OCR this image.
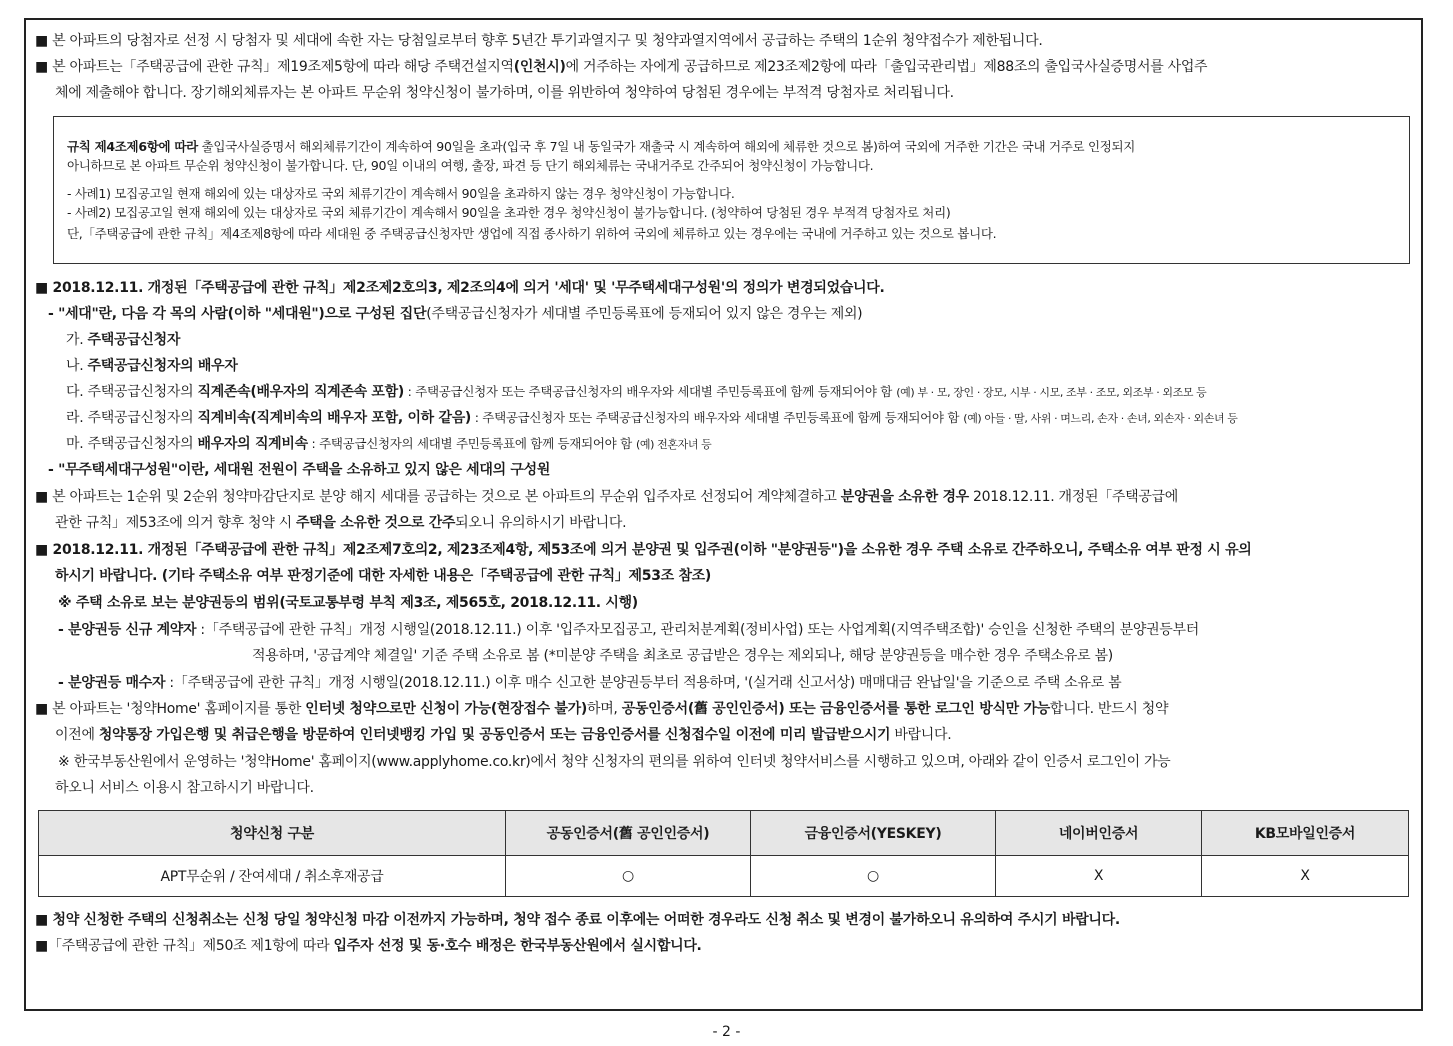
■ 본 아파트의 당첨자로 선정 시 당첨자 및 세대에 속한 자는 당첨일로부터 향후 5년간 투기과열지구 및 청약과열지역에서 공급하는 주택의 1순위 청약접수가 제한됩니다.
■ 본 아파트는「주택공급에 관한 규칙」제19조제5항에 따라 해당 주택건설지역(인천시)에 거주하는 자에게 공급하므로 제23조제2항에 따라「출입국관리법」제88조의 출입국사실증명서를 사업주
체에 제출해야 합니다. 장기해외체류자는 본 아파트 무순위 청약신청이 불가하며, 이를 위반하여 청약하여 당첨된 경우에는 부적격 당첨자로 처리됩니다.
규칙 제4조제6항에 따라 출입국사실증명서 해외체류기간이 계속하여 90일을 초과(입국 후 7일 내 동일국가 재출국 시 계속하여 해외에 체류한 것으로 봄)하여 국외에 거주한 기간은 국내 거주로 인정되지
아니하므로 본 아파트 무순위 청약신청이 불가합니다. 단, 90일 이내의 여행, 출장, 파견 등 단기 해외체류는 국내거주로 간주되어 청약신청이 가능합니다.
- 사례1) 모집공고일 현재 해외에 있는 대상자로 국외 체류기간이 계속해서 90일을 초과하지 않는 경우 청약신청이 가능합니다.
- 사례2) 모집공고일 현재 해외에 있는 대상자로 국외 체류기간이 계속해서 90일을 초과한 경우 청약신청이 불가능합니다. (청약하여 당첨된 경우 부적격 당첨자로 처리)
단,「주택공급에 관한 규칙」제4조제8항에 따라 세대원 중 주택공급신청자만 생업에 직접 종사하기 위하여 국외에 체류하고 있는 경우에는 국내에 거주하고 있는 것으로 봅니다.
■ 2018.12.11. 개정된「주택공급에 관한 규칙」제2조제2호의3, 제2조의4에 의거 '세대' 및 '무주택세대구성원'의 정의가 변경되었습니다.
- "세대"란, 다음 각 목의 사람(이하 "세대원")으로 구성된 집단(주택공급신청자가 세대별 주민등록표에 등재되어 있지 않은 경우는 제외)
가. 주택공급신청자
나. 주택공급신청자의 배우자
다. 주택공급신청자의 직계존속(배우자의 직계존속 포함) : 주택공급신청자 또는 주택공급신청자의 배우자와 세대별 주민등록표에 함께 등재되어야 함 (예) 부 · 모, 장인 · 장모, 시부 · 시모, 조부 · 조모, 외조부 · 외조모 등
라. 주택공급신청자의 직계비속(직계비속의 배우자 포함, 이하 같음) : 주택공급신청자 또는 주택공급신청자의 배우자와 세대별 주민등록표에 함께 등재되어야 함 (예) 아들 · 딸, 사위 · 며느리, 손자 · 손녀, 외손자 · 외손녀 등
마. 주택공급신청자의 배우자의 직계비속 : 주택공급신청자의 세대별 주민등록표에 함께 등재되어야 함 (예) 전혼자녀 등
- "무주택세대구성원"이란, 세대원 전원이 주택을 소유하고 있지 않은 세대의 구성원
■ 본 아파트는 1순위 및 2순위 청약마감단지로 분양 해지 세대를 공급하는 것으로 본 아파트의 무순위 입주자로 선정되어 계약체결하고 분양권을 소유한 경우 2018.12.11. 개정된「주택공급에
관한 규칙」제53조에 의거 향후 청약 시 주택을 소유한 것으로 간주되오니 유의하시기 바랍니다.
■ 2018.12.11. 개정된「주택공급에 관한 규칙」제2조제7호의2, 제23조제4항, 제53조에 의거 분양권 및 입주권(이하 "분양권등")을 소유한 경우 주택 소유로 간주하오니, 주택소유 여부 판정 시 유의
하시기 바랍니다. (기타 주택소유 여부 판정기준에 대한 자세한 내용은「주택공급에 관한 규칙」제53조 참조)
※ 주택 소유로 보는 분양권등의 범위(국토교통부령 부칙 제3조, 제565호, 2018.12.11. 시행)
- 분양권등 신규 계약자 :「주택공급에 관한 규칙」개정 시행일(2018.12.11.) 이후 '입주자모집공고, 관리처분계획(정비사업) 또는 사업계획(지역주택조합)' 승인을 신청한 주택의 분양권등부터
적용하며, '공급계약 체결일' 기준 주택 소유로 봄 (*미분양 주택을 최초로 공급받은 경우는 제외되나, 해당 분양권등을 매수한 경우 주택소유로 봄)
- 분양권등 매수자 :「주택공급에 관한 규칙」개정 시행일(2018.12.11.) 이후 매수 신고한 분양권등부터 적용하며, '(실거래 신고서상) 매매대금 완납일'을 기준으로 주택 소유로 봄
■ 본 아파트는 '청약Home' 홈페이지를 통한 인터넷 청약으로만 신청이 가능(현장접수 불가)하며, 공동인증서(舊 공인인증서) 또는 금융인증서를 통한 로그인 방식만 가능합니다. 반드시 청약
이전에 청약통장 가입은행 및 취급은행을 방문하여 인터넷뱅킹 가입 및 공동인증서 또는 금융인증서를 신청접수일 이전에 미리 발급받으시기 바랍니다.
※ 한국부동산원에서 운영하는 '청약Home' 홈페이지(www.applyhome.co.kr)에서 청약 신청자의 편의를 위하여 인터넷 청약서비스를 시행하고 있으며, 아래와 같이 인증서 로그인이 가능
하오니 서비스 이용시 참고하시기 바랍니다.
청약신청 구분	공동인증서(舊 공인인증서)	금융인증서(YESKEY)	네이버인증서	KB모바일인증서
APT무순위 / 잔여세대 / 취소후재공급	○	○	X	X
■ 청약 신청한 주택의 신청취소는 신청 당일 청약신청 마감 이전까지 가능하며, 청약 접수 종료 이후에는 어떠한 경우라도 신청 취소 및 변경이 불가하오니 유의하여 주시기 바랍니다.
■「주택공급에 관한 규칙」제50조 제1항에 따라 입주자 선정 및 동·호수 배정은 한국부동산원에서 실시합니다.
- 2 -
